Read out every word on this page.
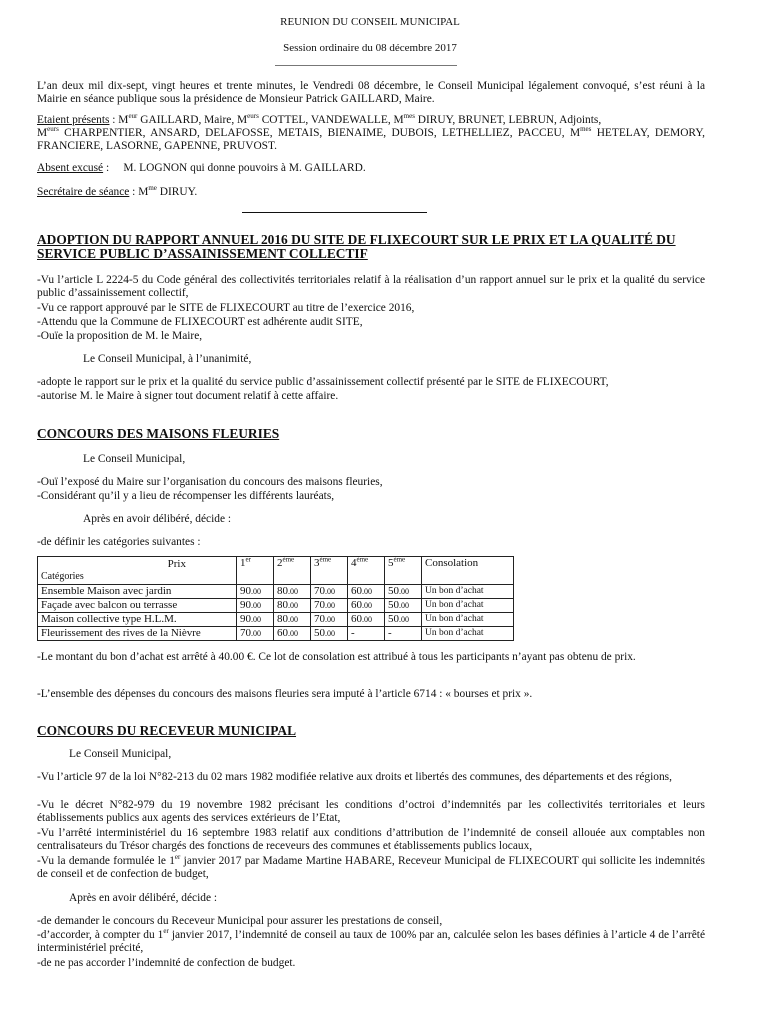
REUNION DU CONSEIL MUNICIPAL
Session ordinaire du 08 décembre 2017
L’an deux mil dix-sept, vingt heures et trente minutes, le Vendredi 08 décembre, le Conseil Municipal légalement convoqué, s’est réuni à la Mairie en séance publique sous la présidence de Monsieur Patrick GAILLARD, Maire.
Etaient présents : $M^{eur}$ GAILLARD, Maire, $M^{eurs}$ COTTEL, VANDEWALLE, $M^{mes}$ DIRUY, BRUNET, LEBRUN, Adjoints,
$M^{eurs}$ CHARPENTIER, ANSARD, DELAFOSSE, METAIS, BIENAIME, DUBOIS, LETHELLIEZ, PACCEU, $M^{mes}$ HETELAY, DEMORY,
FRANCIERE, LASORNE, GAPENNE, PRUVOST.
Absent excusé :     M. LOGNON qui donne pouvoirs à M. GAILLARD.
Secrétaire de séance : $M^{me}$ DIRUY.
ADOPTION DU RAPPORT ANNUEL 2016 DU SITE DE FLIXECOURT SUR LE PRIX ET LA QUALITÉ DU SERVICE PUBLIC D’ASSAINISSEMENT COLLECTIF
-Vu l’article L 2224-5 du Code général des collectivités territoriales relatif à la réalisation d’un rapport annuel sur le prix et la qualité du service public d’assainissement collectif,
-Vu ce rapport approuvé par le SITE de FLIXECOURT au titre de l’exercice 2016,
-Attendu que la Commune de FLIXECOURT est adhérente audit SITE,
-Ouïe la proposition de M. le Maire,
Le Conseil Municipal, à l’unanimité,
-adopte le rapport sur le prix et la qualité du service public d’assainissement collectif présenté par le SITE de FLIXECOURT,
-autorise M. le Maire à signer tout document relatif à cette affaire.
CONCOURS DES MAISONS FLEURIES
Le Conseil Municipal,
-Ouï l’exposé du Maire sur l’organisation du concours des maisons fleuries,
-Considérant qu’il y a lieu de récompenser les différents lauréats,
Après en avoir délibéré, décide :
-de définir les catégories suivantes :
Prix
Catégories	1er	2ème	3ème	4ème	5ème	Consolation
Ensemble Maison avec jardin	90.00	80.00	70.00	60.00	50.00	Un bon d’achat
Façade avec balcon ou terrasse	90.00	80.00	70.00	60.00	50.00	Un bon d’achat
Maison collective type H.L.M.	90.00	80.00	70.00	60.00	50.00	Un bon d’achat
Fleurissement des rives de la Nièvre	70.00	60.00	50.00	-	-	Un bon d’achat
-Le montant du bon d’achat est arrêté à 40.00 €. Ce lot de consolation est attribué à tous les participants n’ayant pas obtenu de prix.
-L’ensemble des dépenses du concours des maisons fleuries sera imputé à l’article 6714 : « bourses et prix ».
CONCOURS DU RECEVEUR MUNICIPAL
Le Conseil Municipal,
-Vu l’article 97 de la loi N°82-213 du 02 mars 1982 modifiée relative aux droits et libertés des communes, des départements et des régions,
-Vu le décret N°82-979 du 19 novembre 1982 précisant les conditions d’octroi d’indemnités par les collectivités territoriales et leurs établissements publics aux agents des services extérieurs de l’Etat,
-Vu l’arrêté interministériel du 16 septembre 1983 relatif aux conditions d’attribution de l’indemnité de conseil allouée aux comptables non centralisateurs du Trésor chargés des fonctions de receveurs des communes et établissements publics locaux,
-Vu la demande formulée le 1er janvier 2017 par Madame Martine HABARE, Receveur Municipal de FLIXECOURT qui sollicite les indemnités de conseil et de confection de budget,
Après en avoir délibéré, décide :
-de demander le concours du Receveur Municipal pour assurer les prestations de conseil,
-d’accorder, à compter du 1er janvier 2017, l’indemnité de conseil au taux de 100% par an, calculée selon les bases définies à l’article 4 de l’arrêté interministériel précité,
-de ne pas accorder l’indemnité de confection de budget.
